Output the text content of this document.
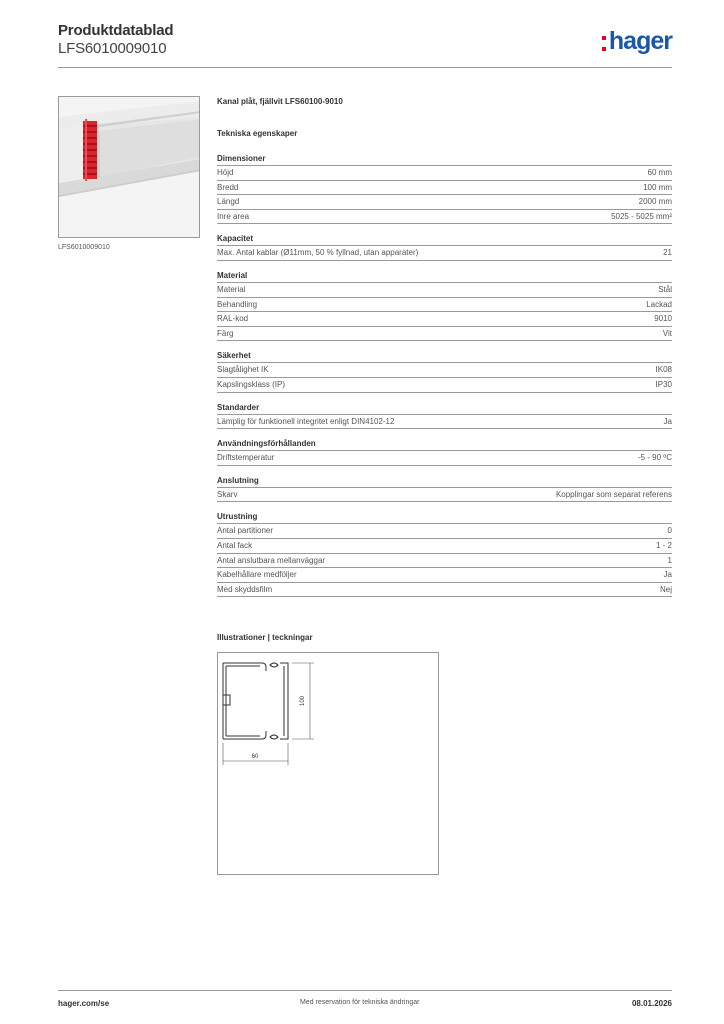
Produktdatablad
LFS6010009010	hager
LFS6010009010
Kanal plåt, fjällvit LFS60100-9010
Tekniska egenskaper
Dimensioner
Höjd	60 mm
Bredd	100 mm
Längd	2000 mm
Inre area	5025 - 5025 mm²
Kapacitet
Max. Antal kablar (Ø11mm, 50 % fyllnad, utan apparater)	21
Material
Material	Stål
Behandling	Lackad
RAL-kod	9010
Färg	Vit
Säkerhet
Slagtålighet IK	IK08
Kapslingsklass (IP)	IP30
Standarder
Lämplig för funktionell integritet enligt DIN4102-12	Ja
Användningsförhållanden
Driftstemperatur	-5 - 90 ºC
Anslutning
Skarv	Kopplingar som separat referens
Utrustning
Antal partitioner	0
Antal fack	1 - 2
Antal anslutbara mellanväggar	1
Kabelhållare medföljer	Ja
Med skyddsfilm	Nej
Illustrationer | teckningar
100
60
hager.com/se	Med reservation för tekniska ändringar	08.01.2026
